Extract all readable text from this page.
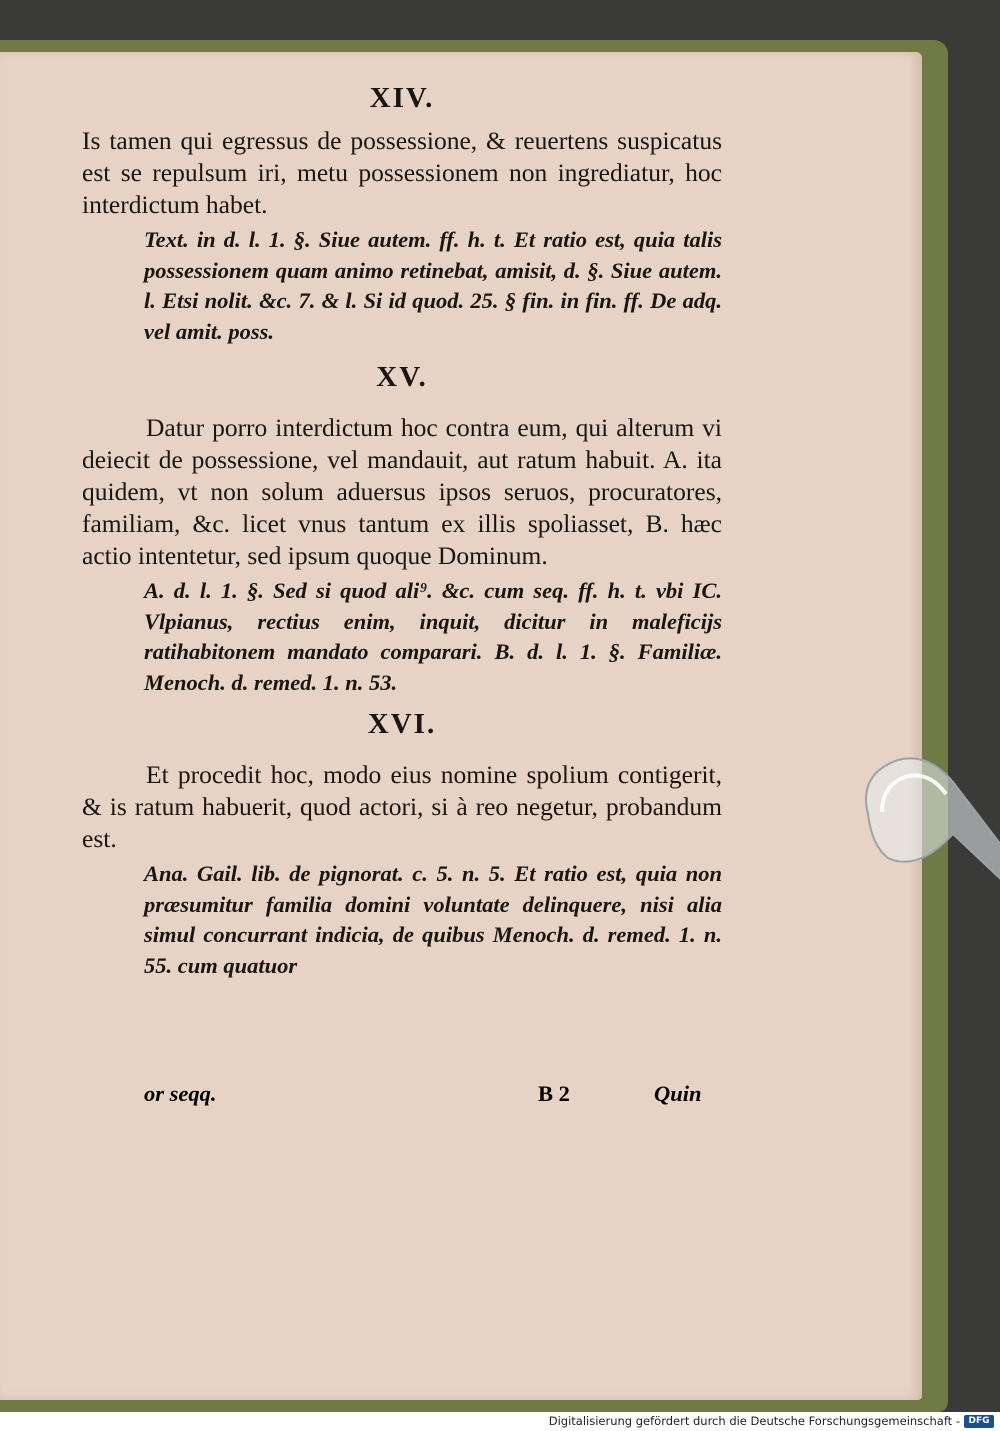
XIV.

Is tamen qui egressus de possessione, & reuertens suspicatus est se repulsum iri, metu possessionem non ingrediatur, hoc interdictum habet.

Text. in d. l. 1. §. Siue autem. ff. h. t. Et ratio est, quia talis possessionem quam animo retinebat, amisit, d. §. Siue autem. l. Etsi nolit. &c. 7. & l. Si id quod. 25. § fin. in fin. ff. De adq. vel amit. poss.

XV.

Datur porro interdictum hoc contra eum, qui alterum vi deiecit de possessione, vel mandauit, aut ratum habuit. A. ita quidem, vt non solum aduersus ipsos seruos, procuratores, familiam, &c. licet vnus tantum ex illis spoliasset, B. hæc actio intentetur, sed ipsum quoque Dominum.

A. d. l. 1. §. Sed si quod ali⁹. &c. cum seq. ff. h. t. vbi IC. Vlpianus, rectius enim, inquit, dicitur in maleficijs ratihabitonem mandato comparari. B. d. l. 1. §. Familiæ. Menoch. d. remed. 1. n. 53.

XVI.

Et procedit hoc, modo eius nomine spolium contigerit, & is ratum habuerit, quod actori, si à reo negetur, probandum est.

Ana. Gail. lib. de pignorat. c. 5. n. 5. Et ratio est, quia non præsumitur familia domini voluntate delinquere, nisi alia simul concurrant indicia, de quibus Menoch. d. remed. 1. n. 55. cum quatuor

or seqq.	B 2	Quin
Digitalisierung gefördert durch die Deutsche Forschungsgemeinschaft - DFG
